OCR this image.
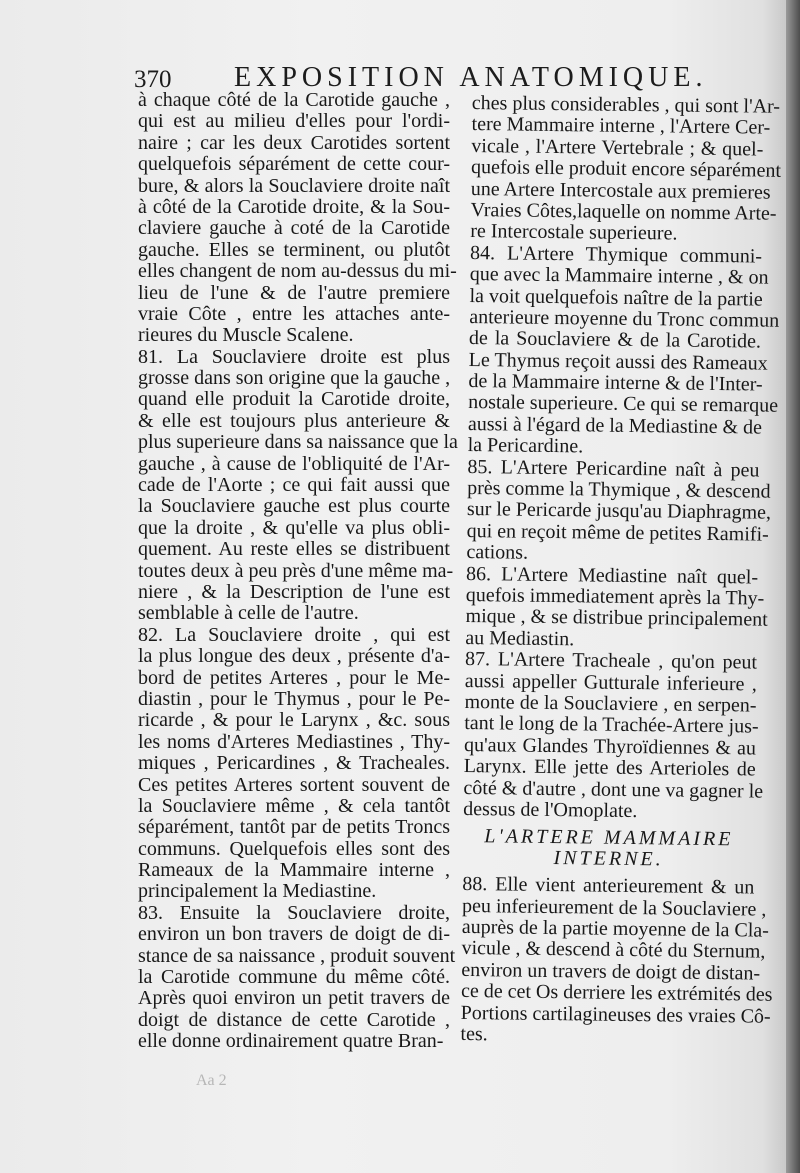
370 EXPOSITION ANATOMIQUE.
à chaque côté de la Carotide gauche ,
qui est au milieu d'elles pour l'ordi-
naire ; car les deux Carotides sortent
quelquefois séparément de cette cour-
bure, & alors la Souclaviere droite naît
à côté de la Carotide droite, & la Sou-
claviere gauche à coté de la Carotide
gauche. Elles se terminent, ou plutôt
elles changent de nom au-dessus du mi-
lieu de l'une & de l'autre premiere
vraie Côte , entre les attaches ante-
rieures du Muscle Scalene.
81. La Souclaviere droite est plus
grosse dans son origine que la gauche ,
quand elle produit la Carotide droite,
& elle est toujours plus anterieure &
plus superieure dans sa naissance que la
gauche , à cause de l'obliquité de l'Ar-
cade de l'Aorte ; ce qui fait aussi que
la Souclaviere gauche est plus courte
que la droite , & qu'elle va plus obli-
quement. Au reste elles se distribuent
toutes deux à peu près d'une même ma-
niere , & la Description de l'une est
semblable à celle de l'autre.
82. La Souclaviere droite , qui est
la plus longue des deux , présente d'a-
bord de petites Arteres , pour le Me-
diastin , pour le Thymus , pour le Pe-
ricarde , & pour le Larynx , &c. sous
les noms d'Arteres Mediastines , Thy-
miques , Pericardines , & Tracheales.
Ces petites Arteres sortent souvent de
la Souclaviere même , & cela tantôt
séparément, tantôt par de petits Troncs
communs. Quelquefois elles sont des
Rameaux de la Mammaire interne ,
principalement la Mediastine.
83. Ensuite la Souclaviere droite,
environ un bon travers de doigt de di-
stance de sa naissance , produit souvent
la Carotide commune du même côté.
Après quoi environ un petit travers de
doigt de distance de cette Carotide ,
elle donne ordinairement quatre Bran-
ches plus considerables , qui sont l'Ar-
tere Mammaire interne , l'Artere Cer-
vicale , l'Artere Vertebrale ; & quel-
quefois elle produit encore séparément
une Artere Intercostale aux premieres
Vraies Côtes,laquelle on nomme Arte-
re Intercostale superieure.
84. L'Artere Thymique communi-
que avec la Mammaire interne , & on
la voit quelquefois naître de la partie
anterieure moyenne du Tronc commun
de la Souclaviere & de la Carotide.
Le Thymus reçoit aussi des Rameaux
de la Mammaire interne & de l'Inter-
nostale superieure. Ce qui se remarque
aussi à l'égard de la Mediastine & de
la Pericardine.
85. L'Artere Pericardine naît à peu
près comme la Thymique , & descend
sur le Pericarde jusqu'au Diaphragme,
qui en reçoit même de petites Ramifi-
cations.
86. L'Artere Mediastine naît quel-
quefois immediatement après la Thy-
mique , & se distribue principalement
au Mediastin.
87. L'Artere Tracheale , qu'on peut
aussi appeller Gutturale inferieure ,
monte de la Souclaviere , en serpen-
tant le long de la Trachée-Artere jus-
qu'aux Glandes Thyroïdiennes & au
Larynx. Elle jette des Arterioles de
côté & d'autre , dont une va gagner le
dessus de l'Omoplate.
L'ARTERE MAMMAIRE
INTERNE.
88. Elle vient anterieurement & un
peu inferieurement de la Souclaviere ,
auprès de la partie moyenne de la Cla-
vicule , & descend à côté du Sternum,
environ un travers de doigt de distan-
ce de cet Os derriere les extrémités des
Portions cartilagineuses des vraies Cô-
tes.
Aa 2
